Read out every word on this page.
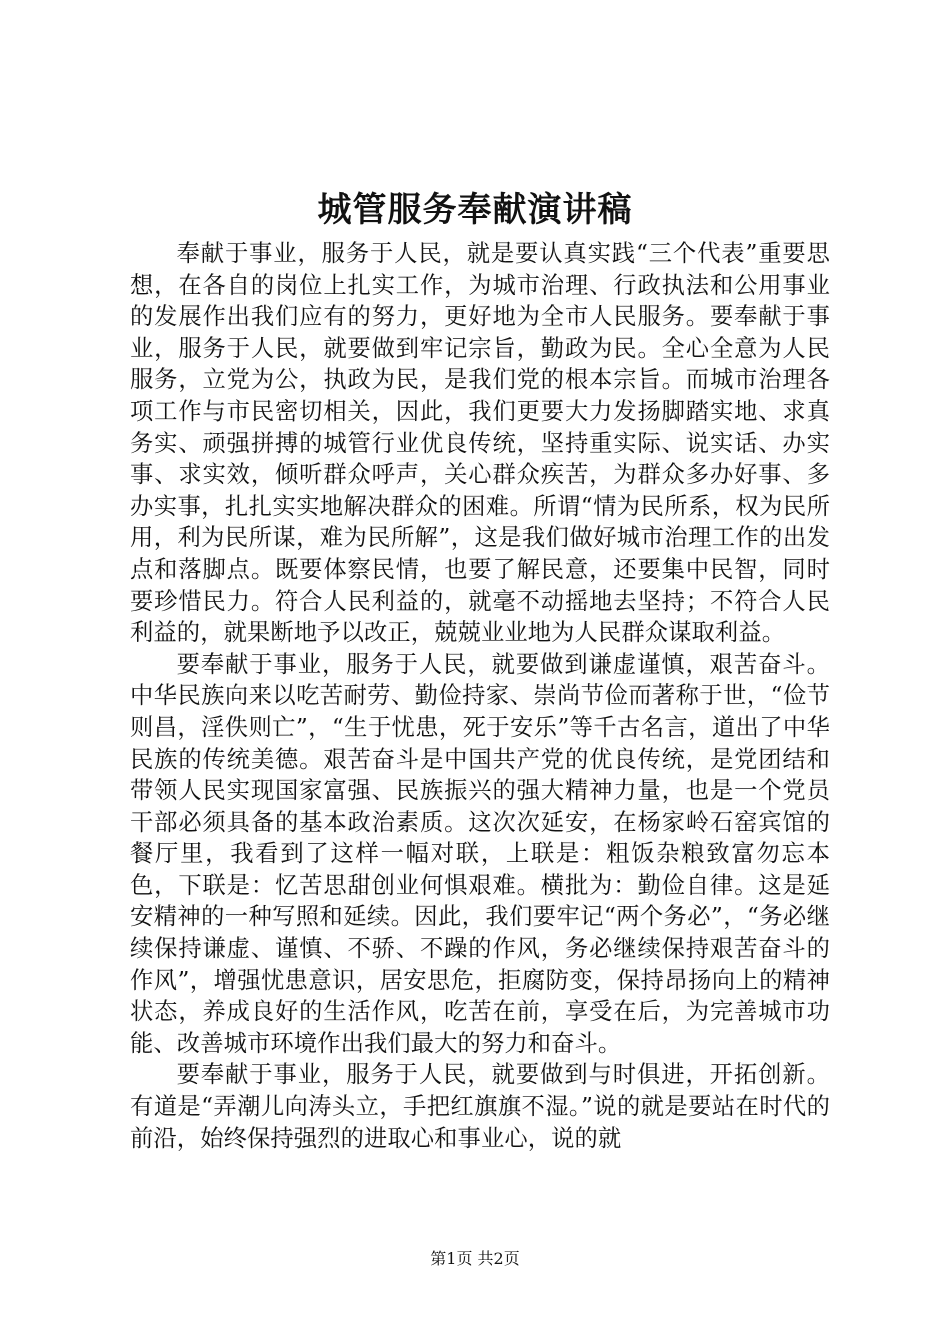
城管服务奉献演讲稿

奉献于事业，服务于人民，就是要认真实践“三个代表”重要思想，在各自的岗位上扎实工作，为城市治理、行政执法和公用事业的发展作出我们应有的努力，更好地为全市人民服务。要奉献于事业，服务于人民，就要做到牢记宗旨，勤政为民。全心全意为人民服务，立党为公，执政为民，是我们党的根本宗旨。而城市治理各项工作与市民密切相关，因此，我们更要大力发扬脚踏实地、求真务实、顽强拼搏的城管行业优良传统，坚持重实际、说实话、办实事、求实效，倾听群众呼声，关心群众疾苦，为群众多办好事、多办实事，扎扎实实地解决群众的困难。所谓“情为民所系，权为民所用，利为民所谋，难为民所解”，这是我们做好城市治理工作的出发点和落脚点。既要体察民情，也要了解民意，还要集中民智，同时要珍惜民力。符合人民利益的，就毫不动摇地去坚持；不符合人民利益的，就果断地予以改正，兢兢业业地为人民群众谋取利益。

要奉献于事业，服务于人民，就要做到谦虚谨慎，艰苦奋斗。中华民族向来以吃苦耐劳、勤俭持家、崇尚节俭而著称于世，“俭节则昌，淫佚则亡”，“生于忧患，死于安乐”等千古名言，道出了中华民族的传统美德。艰苦奋斗是中国共产党的优良传统，是党团结和带领人民实现国家富强、民族振兴的强大精神力量，也是一个党员干部必须具备的基本政治素质。这次次延安，在杨家岭石窑宾馆的餐厅里，我看到了这样一幅对联，上联是：粗饭杂粮致富勿忘本色，下联是：忆苦思甜创业何惧艰难。横批为：勤俭自律。这是延安精神的一种写照和延续。因此，我们要牢记“两个务必”，“务必继续保持谦虚、谨慎、不骄、不躁的作风，务必继续保持艰苦奋斗的作风”，增强忧患意识，居安思危，拒腐防变，保持昂扬向上的精神状态，养成良好的生活作风，吃苦在前，享受在后，为完善城市功能、改善城市环境作出我们最大的努力和奋斗。

要奉献于事业，服务于人民，就要做到与时俱进，开拓创新。有道是“弄潮儿向涛头立，手把红旗旗不湿。”说的就是要站在时代的前沿，始终保持强烈的进取心和事业心，说的就

第1页 共2页
